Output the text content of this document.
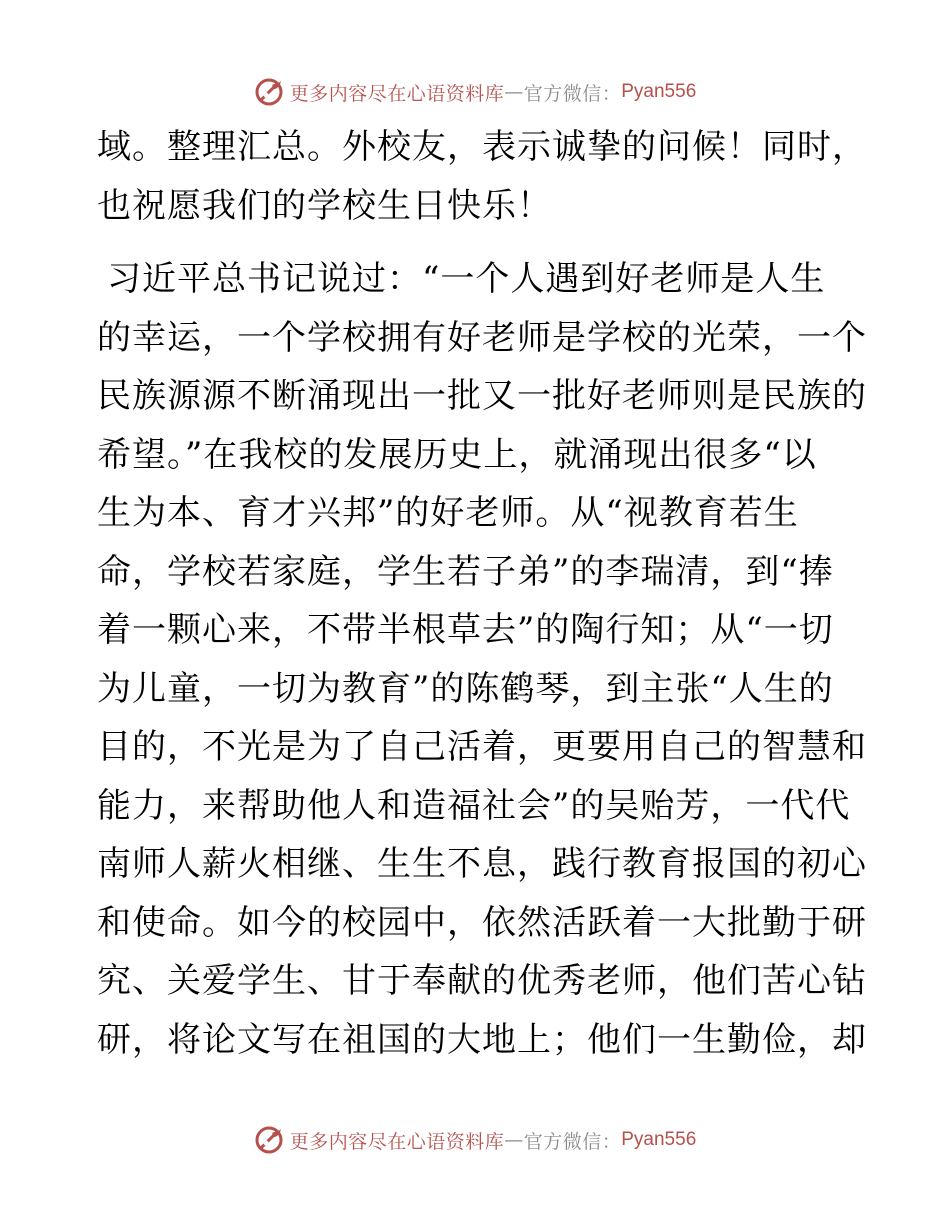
更多内容尽在心语资料库 — 官方微信： Pyan556
域。整理汇总。外校友，表示诚挚的问候！同时，
也祝愿我们的学校生日快乐！
习近平总书记说过：“一个人遇到好老师是人生
的幸运，一个学校拥有好老师是学校的光荣，一个
民族源源不断涌现出一批又一批好老师则是民族的
希望。”在我校的发展历史上，就涌现出很多“以
生为本、育才兴邦”的好老师。从“视教育若生
命，学校若家庭，学生若子弟”的李瑞清，到“捧
着一颗心来，不带半根草去”的陶行知；从“一切
为儿童，一切为教育”的陈鹤琴，到主张“人生的
目的，不光是为了自己活着，更要用自己的智慧和
能力，来帮助他人和造福社会”的吴贻芳，一代代
南师人薪火相继、生生不息，践行教育报国的初心
和使命。如今的校园中，依然活跃着一大批勤于研
究、关爱学生、甘于奉献的优秀老师，他们苦心钻
研，将论文写在祖国的大地上；他们一生勤俭，却
更多内容尽在心语资料库 — 官方微信： Pyan556
